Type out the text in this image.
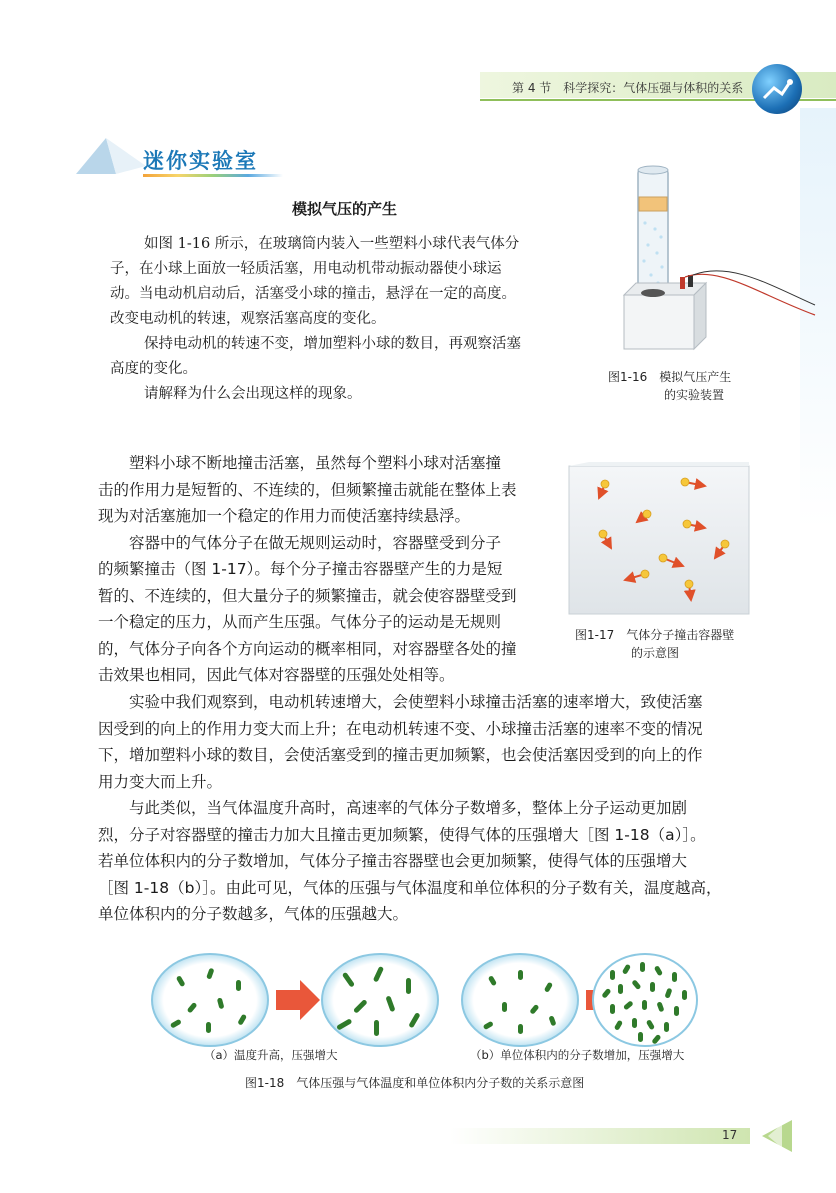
第 4 节　科学探究：气体压强与体积的关系
迷你实验室
模拟气压的产生
如图 1-16 所示，在玻璃筒内装入一些塑料小球代表气体分
子，在小球上面放一轻质活塞，用电动机带动振动器使小球运
动。当电动机启动后，活塞受小球的撞击，悬浮在一定的高度。
改变电动机的转速，观察活塞高度的变化。
保持电动机的转速不变，增加塑料小球的数目，再观察活塞
高度的变化。
请解释为什么会出现这样的现象。
图1-16　模拟气压产生
的实验装置
塑料小球不断地撞击活塞，虽然每个塑料小球对活塞撞
击的作用力是短暂的、不连续的，但频繁撞击就能在整体上表
现为对活塞施加一个稳定的作用力而使活塞持续悬浮。
容器中的气体分子在做无规则运动时，容器壁受到分子
的频繁撞击（图 1-17）。每个分子撞击容器壁产生的力是短
暂的、不连续的，但大量分子的频繁撞击，就会使容器壁受到
一个稳定的压力，从而产生压强。气体分子的运动是无规则
的，气体分子向各个方向运动的概率相同，对容器壁各处的撞
击效果也相同，因此气体对容器壁的压强处处相等。
图1-17　气体分子撞击容器壁
的示意图
实验中我们观察到，电动机转速增大，会使塑料小球撞击活塞的速率增大，致使活塞
因受到的向上的作用力变大而上升；在电动机转速不变、小球撞击活塞的速率不变的情况
下，增加塑料小球的数目，会使活塞受到的撞击更加频繁，也会使活塞因受到的向上的作
用力变大而上升。
与此类似，当气体温度升高时，高速率的气体分子数增多，整体上分子运动更加剧
烈，分子对容器壁的撞击力加大且撞击更加频繁，使得气体的压强增大［图 1-18（a）］。
若单位体积内的分子数增加，气体分子撞击容器壁也会更加频繁，使得气体的压强增大
［图 1-18（b）］。由此可见，气体的压强与气体温度和单位体积的分子数有关，温度越高，
单位体积内的分子数越多，气体的压强越大。
（a）温度升高，压强增大	（b）单位体积内的分子数增加，压强增大
图1-18　气体压强与气体温度和单位体积内分子数的关系示意图
17
